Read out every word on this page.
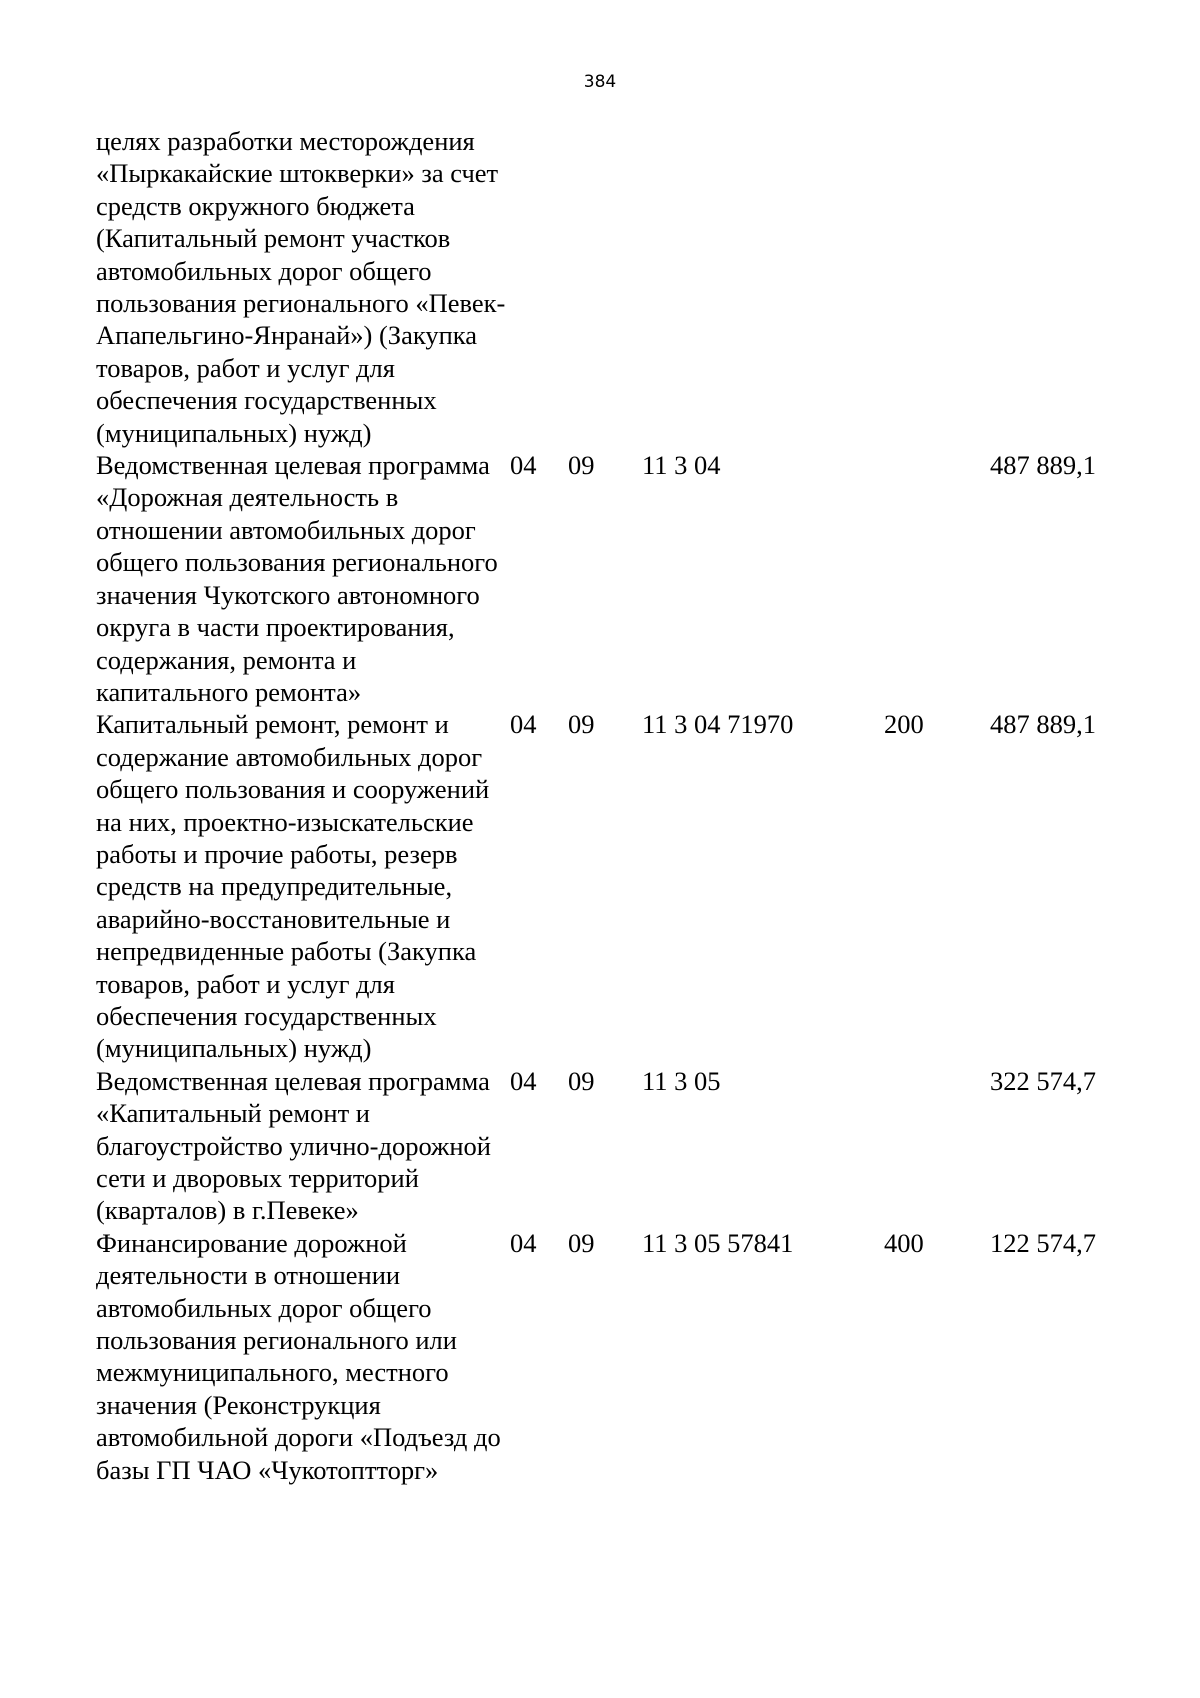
384
целях разработки месторождения «Пыркакайские штокверки» за счет средств окружного бюджета (Капитальный ремонт участков автомобильных дорог общего пользования регионального «Певек-Апапельгино-Янранай») (Закупка товаров, работ и услуг для обеспечения государственных (муниципальных) нужд)					

Ведомственная целевая программа «Дорожная деятельность в отношении автомобильных дорог общего пользования регионального значения Чукотского автономного округа в части проектирования, содержания, ремонта и капитального ремонта»	04	09	11 3 04		487 889,1

Капитальный ремонт, ремонт и содержание автомобильных дорог общего пользования и сооружений на них, проектно-изыскательские работы и прочие работы, резерв средств на предупредительные, аварийно-восстановительные и непредвиденные работы (Закупка товаров, работ и услуг для обеспечения государственных (муниципальных) нужд)	04	09	11 3 04 71970	200	487 889,1

Ведомственная целевая программа «Капитальный ремонт и благоустройство улично-дорожной сети и дворовых территорий (кварталов) в г.Певеке»	04	09	11 3 05		322 574,7

Финансирование дорожной деятельности в отношении автомобильных дорог общего пользования регионального или межмуниципального, местного значения (Реконструкция автомобильной дороги «Подъезд до базы ГП ЧАО «Чукотоптторг»	04	09	11 3 05 57841	400	122 574,7
